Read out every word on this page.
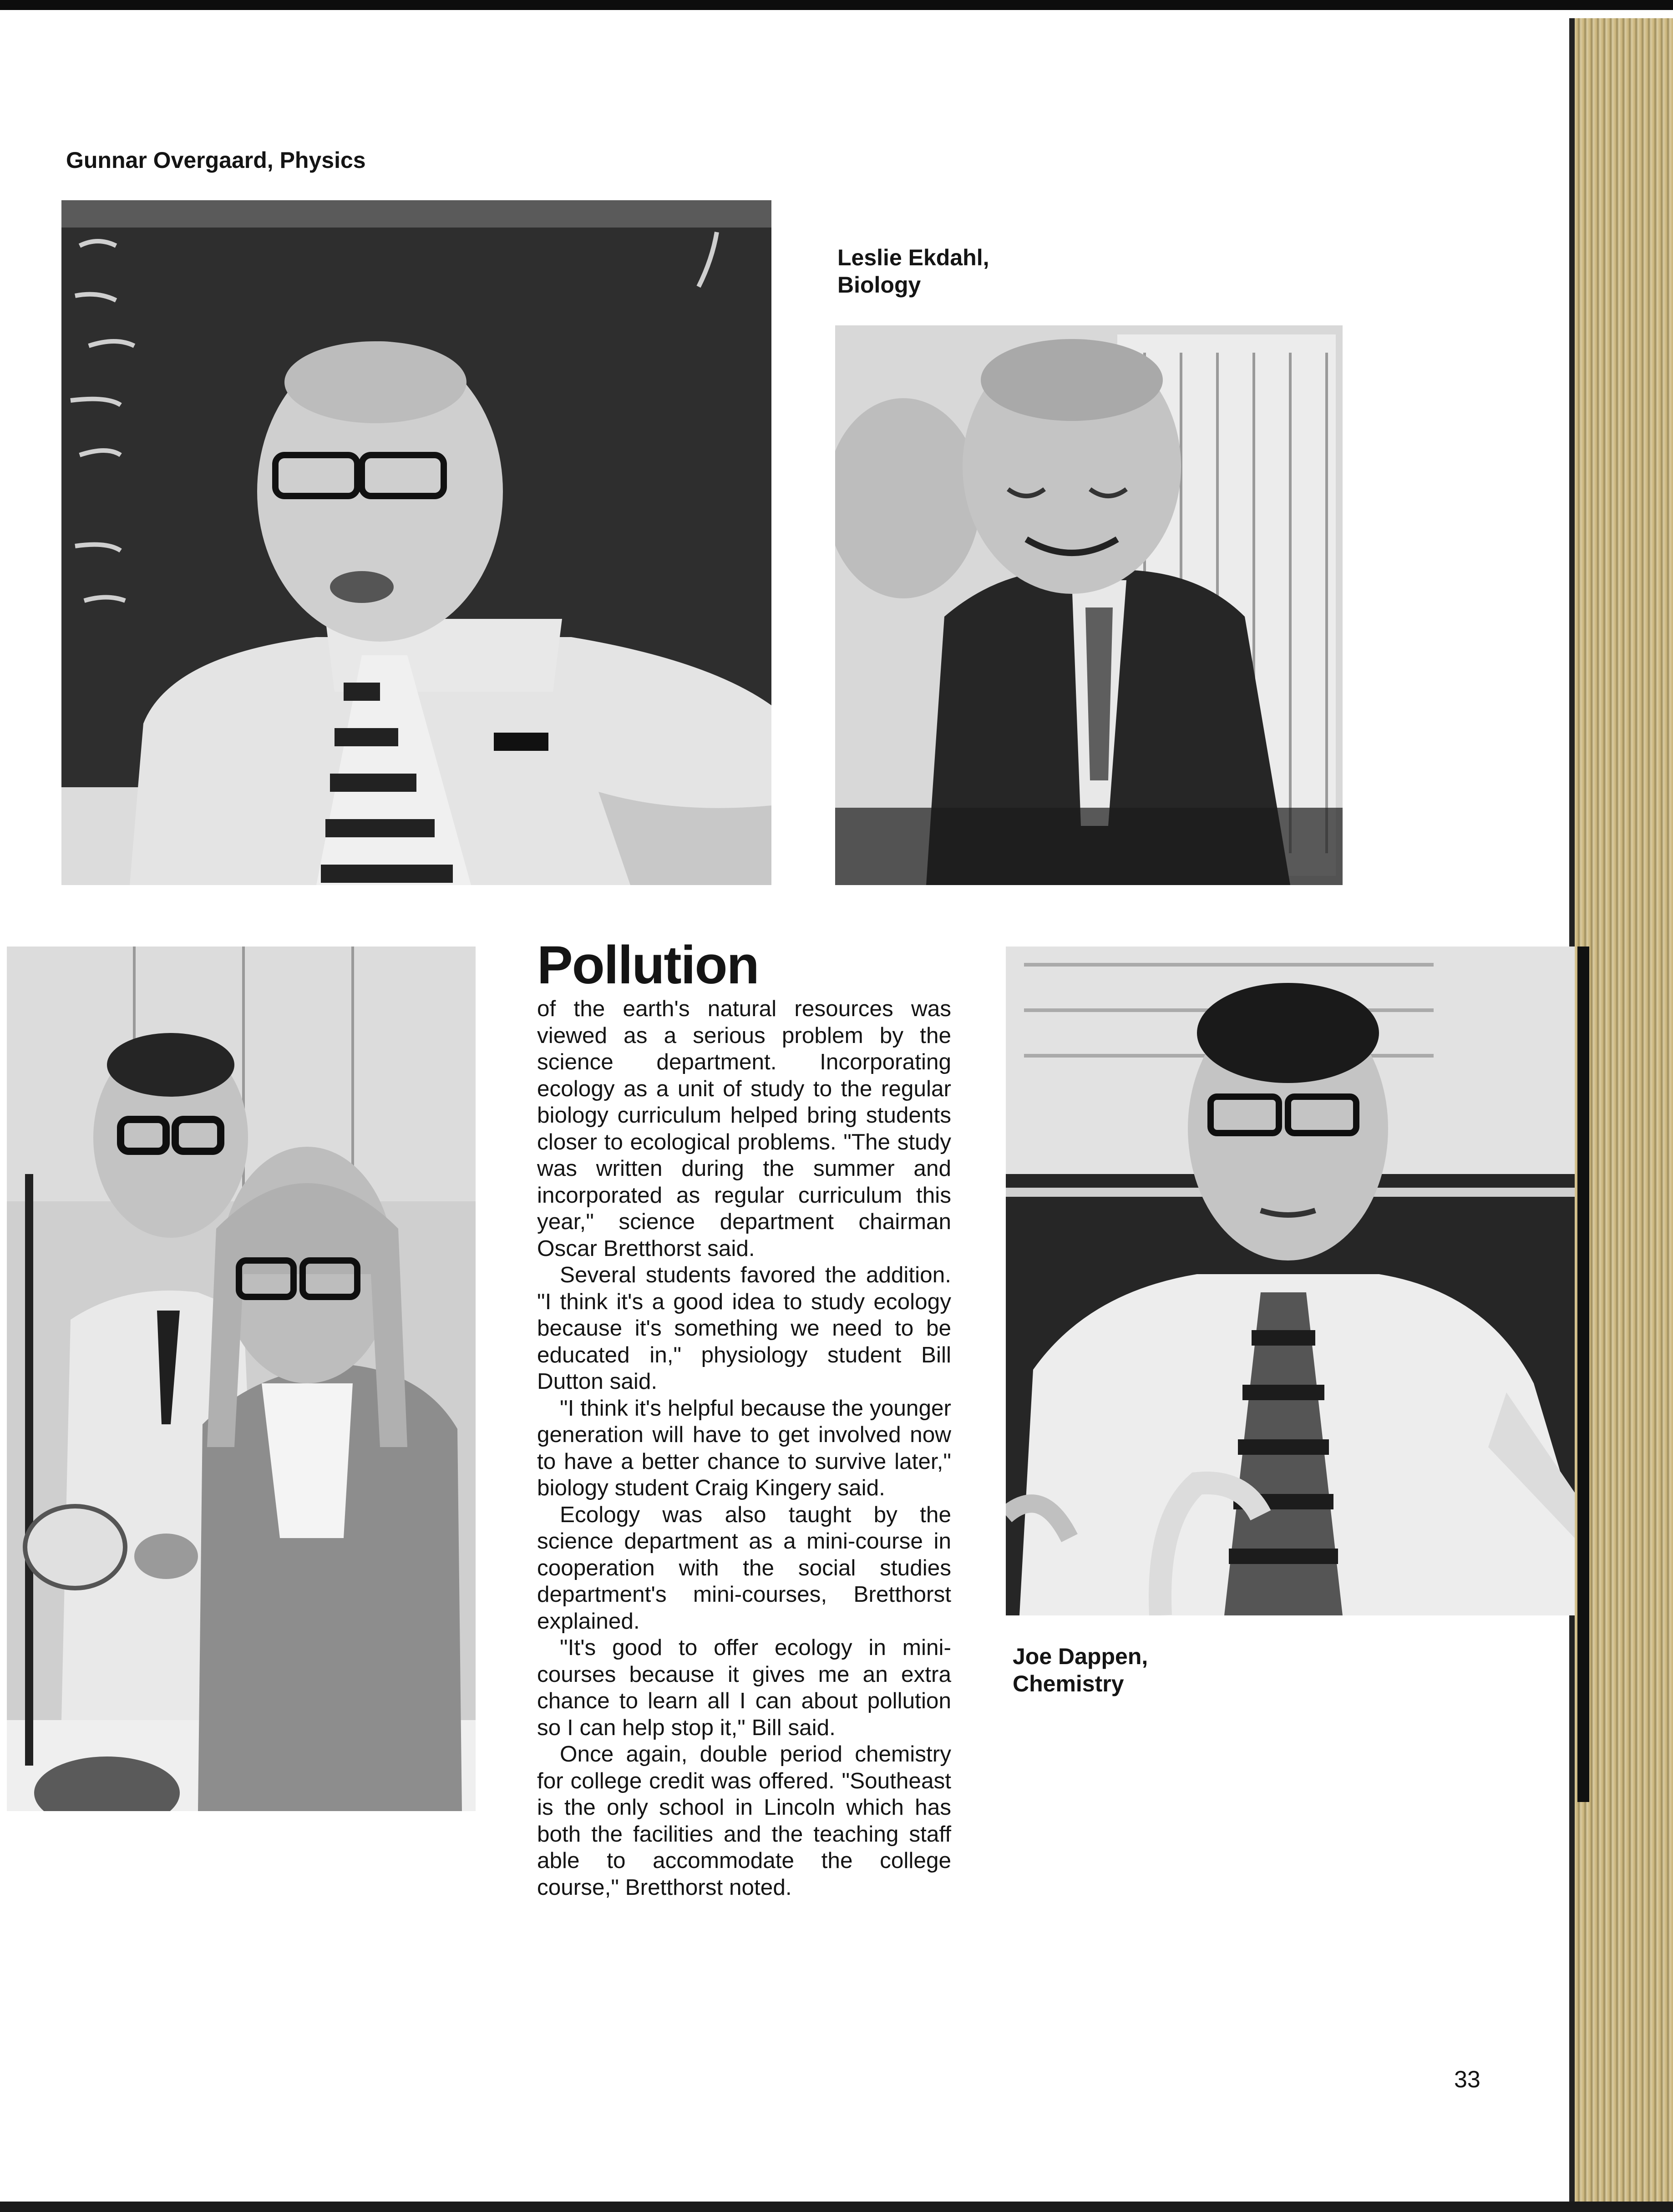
Gunnar Overgaard, Physics

Leslie Ekdahl,

Biology

Joe Dappen,

Chemistry

Pollution

of the earth's natural resources was viewed as a serious problem by the science department. Incorporating ecology as a unit of study to the regular biology curriculum helped bring students closer to ecological problems. "The study was written during the summer and incorporated as regular curriculum this year," science department chairman Oscar Bretthorst said.

Several students favored the addition. "I think it's a good idea to study ecology because it's something we need to be educated in," physiology student Bill Dutton said.

"I think it's helpful because the younger generation will have to get involved now to have a better chance to survive later," biology student Craig Kingery said.

Ecology was also taught by the science department as a mini-course in cooperation with the social studies department's mini-courses, Bretthorst explained.

"It's good to offer ecology in mini-courses because it gives me an extra chance to learn all I can about pollution so I can help stop it," Bill said.

Once again, double period chemistry for college credit was offered. "Southeast is the only school in Lincoln which has both the facilities and the teaching staff able to accommodate the college course," Bretthorst noted.

33
